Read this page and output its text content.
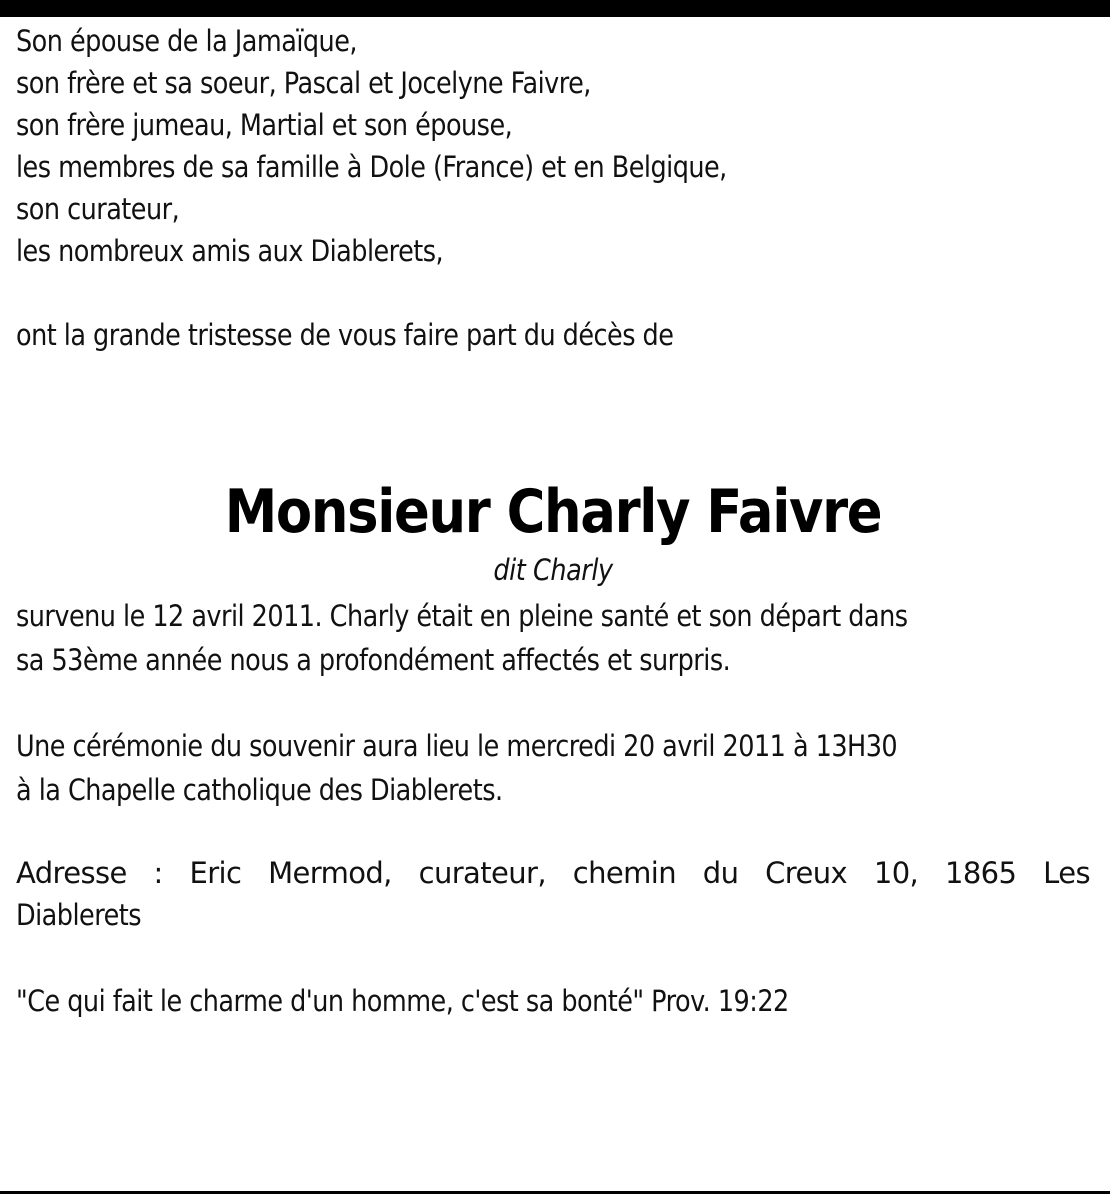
Son épouse de la Jamaïque,
son frère et sa soeur, Pascal et Jocelyne Faivre,
son frère jumeau, Martial et son épouse,
les membres de sa famille à Dole (France) et en Belgique,
son curateur,
les nombreux amis aux Diablerets,
ont la grande tristesse de vous faire part du décès de
Monsieur Charly Faivre
dit Charly
survenu le 12 avril 2011. Charly était en pleine santé et son départ dans
sa 53ème année nous a profondément affectés et surpris.
Une cérémonie du souvenir aura lieu le mercredi 20 avril 2011 à 13H30
à la Chapelle catholique des Diablerets.
Adresse : Eric Mermod, curateur, chemin du Creux 10, 1865 Les
Diablerets
"Ce qui fait le charme d'un homme, c'est sa bonté" Prov. 19:22
